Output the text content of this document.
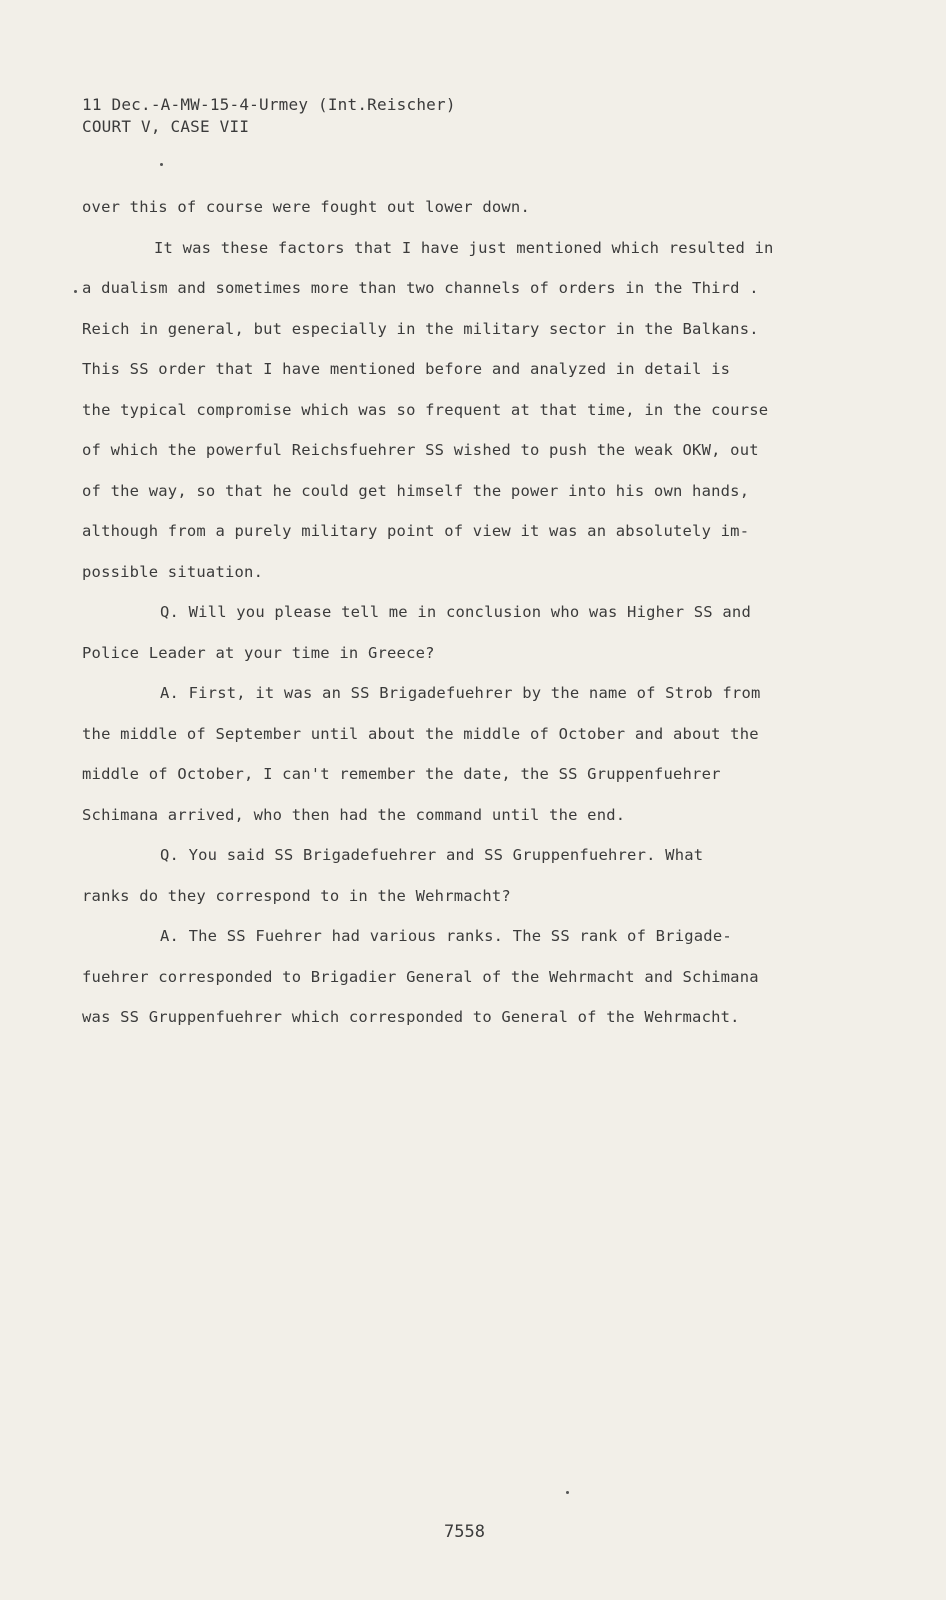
11 Dec.-A-MW-15-4-Urmey (Int.Reischer)
COURT V, CASE VII
over this of course were fought out lower down.
It was these factors that I have just mentioned which resulted in
a dualism and sometimes more than two channels of orders in the Third .
Reich in general, but especially in the military sector in the Balkans.
This SS order that I have mentioned before and analyzed in detail is
the typical compromise which was so frequent at that time, in the course
of which the powerful Reichsfuehrer SS wished to push the weak OKW, out
of the way, so that he could get himself the power into his own hands,
although from a purely military point of view it was an absolutely im-
possible situation.
Q. Will you please tell me in conclusion who was Higher SS and
Police Leader at your time in Greece?
A. First, it was an SS Brigadefuehrer by the name of Strob from
the middle of September until about the middle of October and about the
middle of October, I can't remember the date, the SS Gruppenfuehrer
Schimana arrived, who then had the command until the end.
Q. You said SS Brigadefuehrer and SS Gruppenfuehrer. What
ranks do they correspond to in the Wehrmacht?
A. The SS Fuehrer had various ranks. The SS rank of Brigade-
fuehrer corresponded to Brigadier General of the Wehrmacht and Schimana
was SS Gruppenfuehrer which corresponded to General of the Wehrmacht.
7558
